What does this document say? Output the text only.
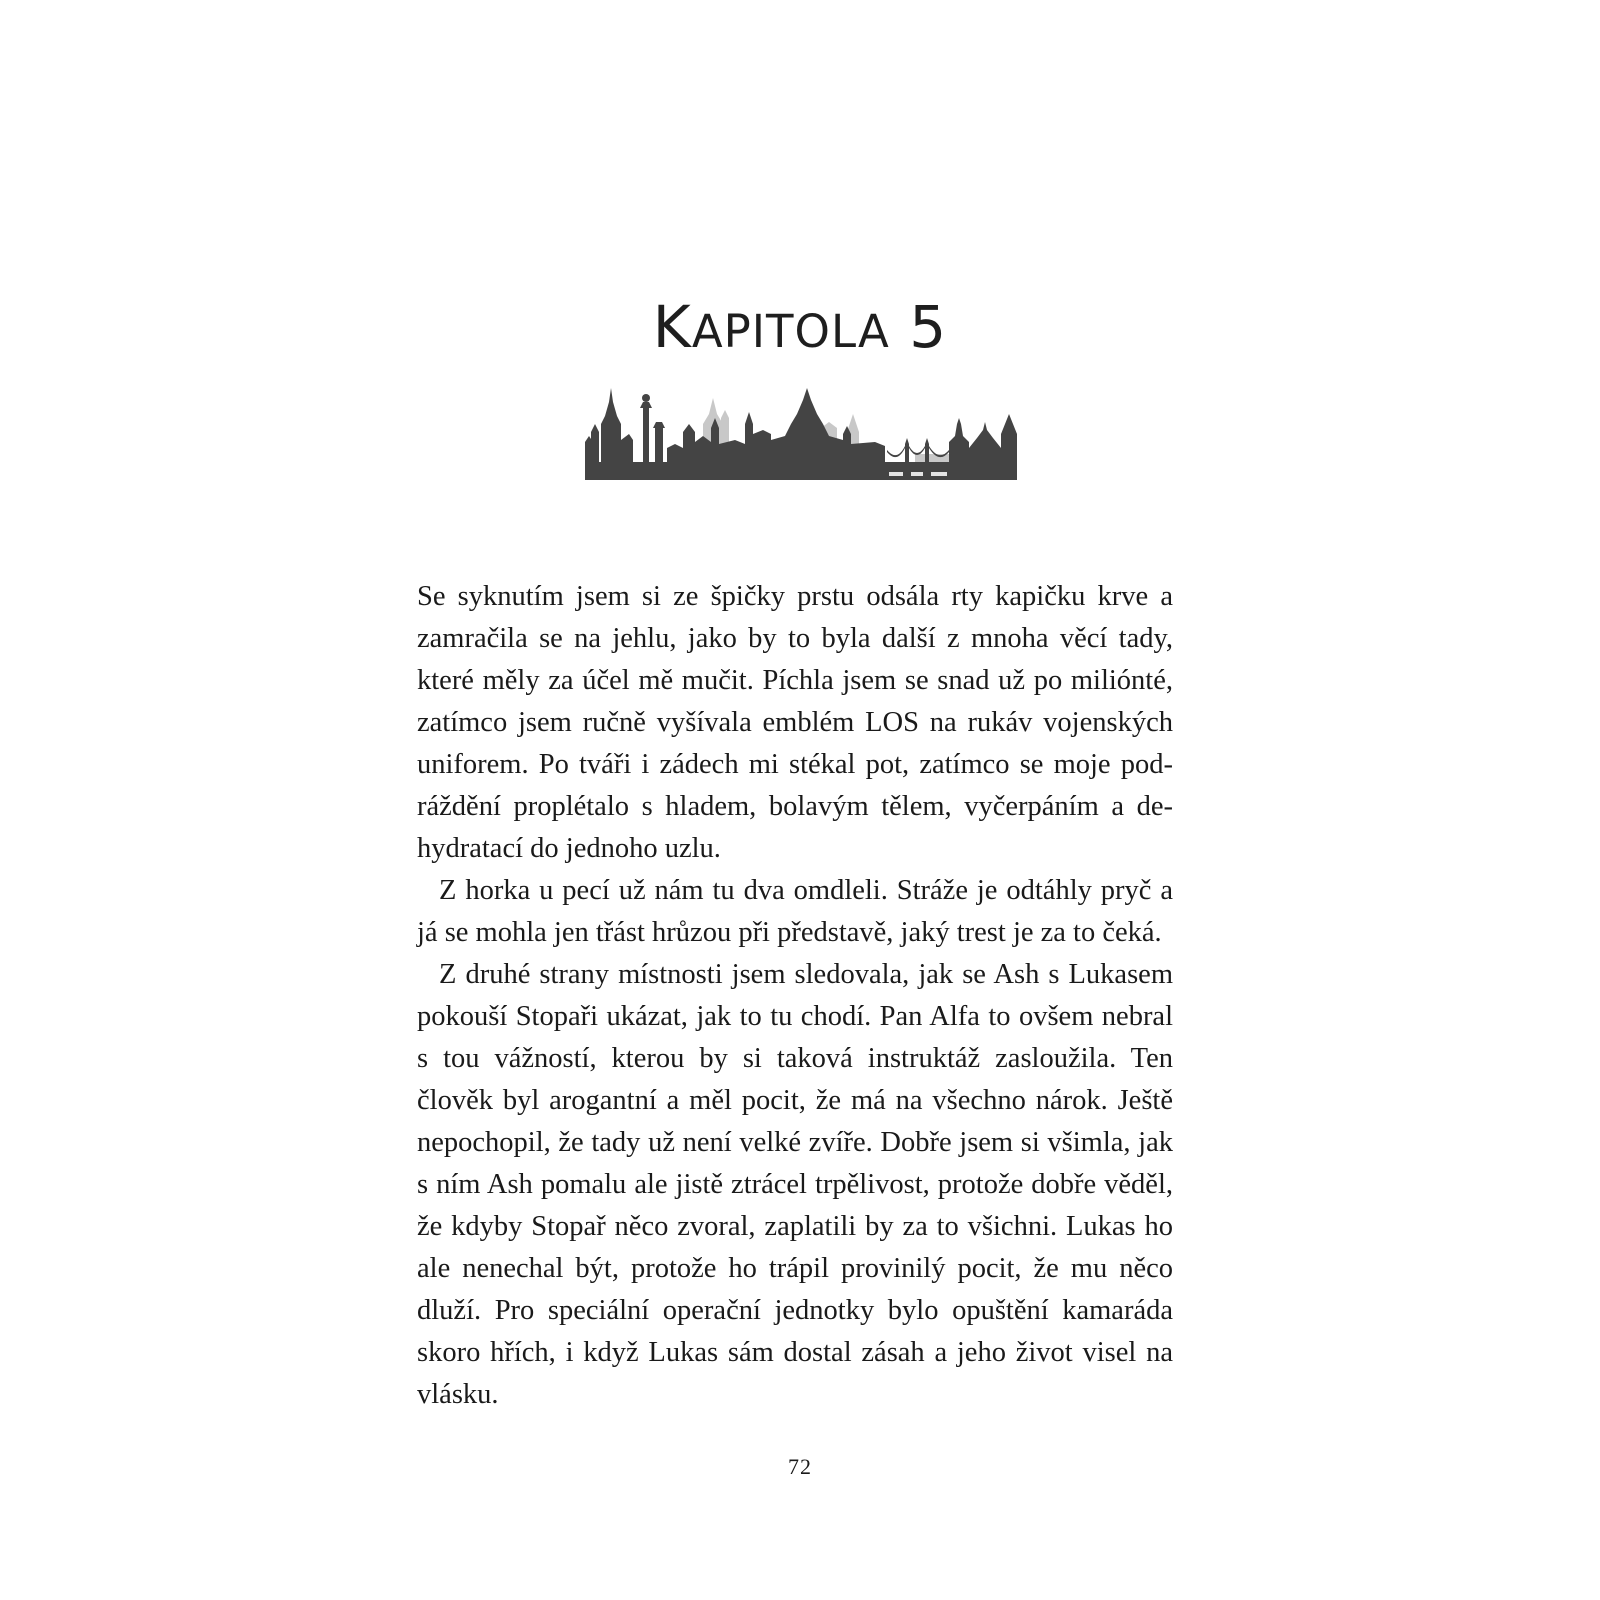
KAPITOLA 5

Se syknutím jsem si ze špičky prstu odsála rty kapičku krve a zamračila se na jehlu, jako by to byla další z mnoha věcí tady, které měly za účel mě mučit. Píchla jsem se snad už po miliónté, zatímco jsem ručně vyšívala emblém LOS na rukáv vojenských uniforem. Po tváři i zádech mi stékal pot, zatímco se moje podráždění proplétalo s hladem, bolavým tělem, vyčerpáním a dehydratací do jednoho uzlu.

Z horka u pecí už nám tu dva omdleli. Stráže je odtáhly pryč a já se mohla jen třást hrůzou při představě, jaký trest je za to čeká.

Z druhé strany místnosti jsem sledovala, jak se Ash s Lukasem pokouší Stopaři ukázat, jak to tu chodí. Pan Alfa to ovšem nebral s tou vážností, kterou by si taková instruktáž zasloužila. Ten člověk byl arogantní a měl pocit, že má na všechno nárok. Ještě nepochopil, že tady už není velké zvíře. Dobře jsem si všimla, jak s ním Ash pomalu ale jistě ztrácel trpělivost, protože dobře věděl, že kdyby Stopař něco zvoral, zaplatili by za to všichni. Lukas ho ale nenechal být, protože ho trápil provinilý pocit, že mu něco dluží. Pro speciální operační jednotky bylo opuštění kamaráda skoro hřích, i když Lukas sám dostal zásah a jeho život visel na vlásku.

72
